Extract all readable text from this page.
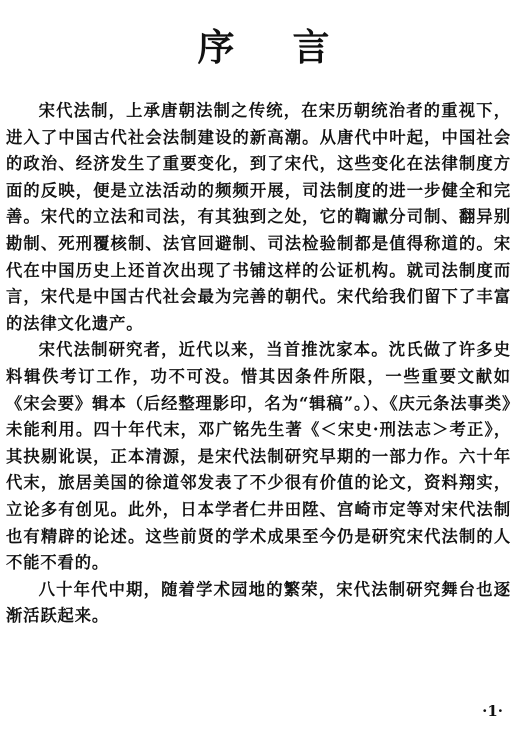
序言

宋代法制，上承唐朝法制之传统，在宋历朝统治者的重视下，进入了中国古代社会法制建设的新高潮。从唐代中叶起，中国社会的政治、经济发生了重要变化，到了宋代，这些变化在法律制度方面的反映，便是立法活动的频频开展，司法制度的进一步健全和完善。宋代的立法和司法，有其独到之处，它的鞫谳分司制、翻异别勘制、死刑覆核制、法官回避制、司法检验制都是值得称道的。宋代在中国历史上还首次出现了书铺这样的公证机构。就司法制度而言，宋代是中国古代社会最为完善的朝代。宋代给我们留下了丰富的法律文化遗产。

宋代法制研究者，近代以来，当首推沈家本。沈氏做了许多史料辑佚考订工作，功不可没。惜其因条件所限，一些重要文献如《宋会要》辑本（后经整理影印，名为“辑稿”。）、《庆元条法事类》未能利用。四十年代末，邓广铭先生著《＜宋史·刑法志＞考正》，其抉剔讹误，正本清源，是宋代法制研究早期的一部力作。六十年代末，旅居美国的徐道邻发表了不少很有价值的论文，资料翔实，立论多有创见。此外，日本学者仁井田陞、宫崎市定等对宋代法制也有精辟的论述。这些前贤的学术成果至今仍是研究宋代法制的人不能不看的。

八十年代中期，随着学术园地的繁荣，宋代法制研究舞台也逐渐活跃起来。

·1·
